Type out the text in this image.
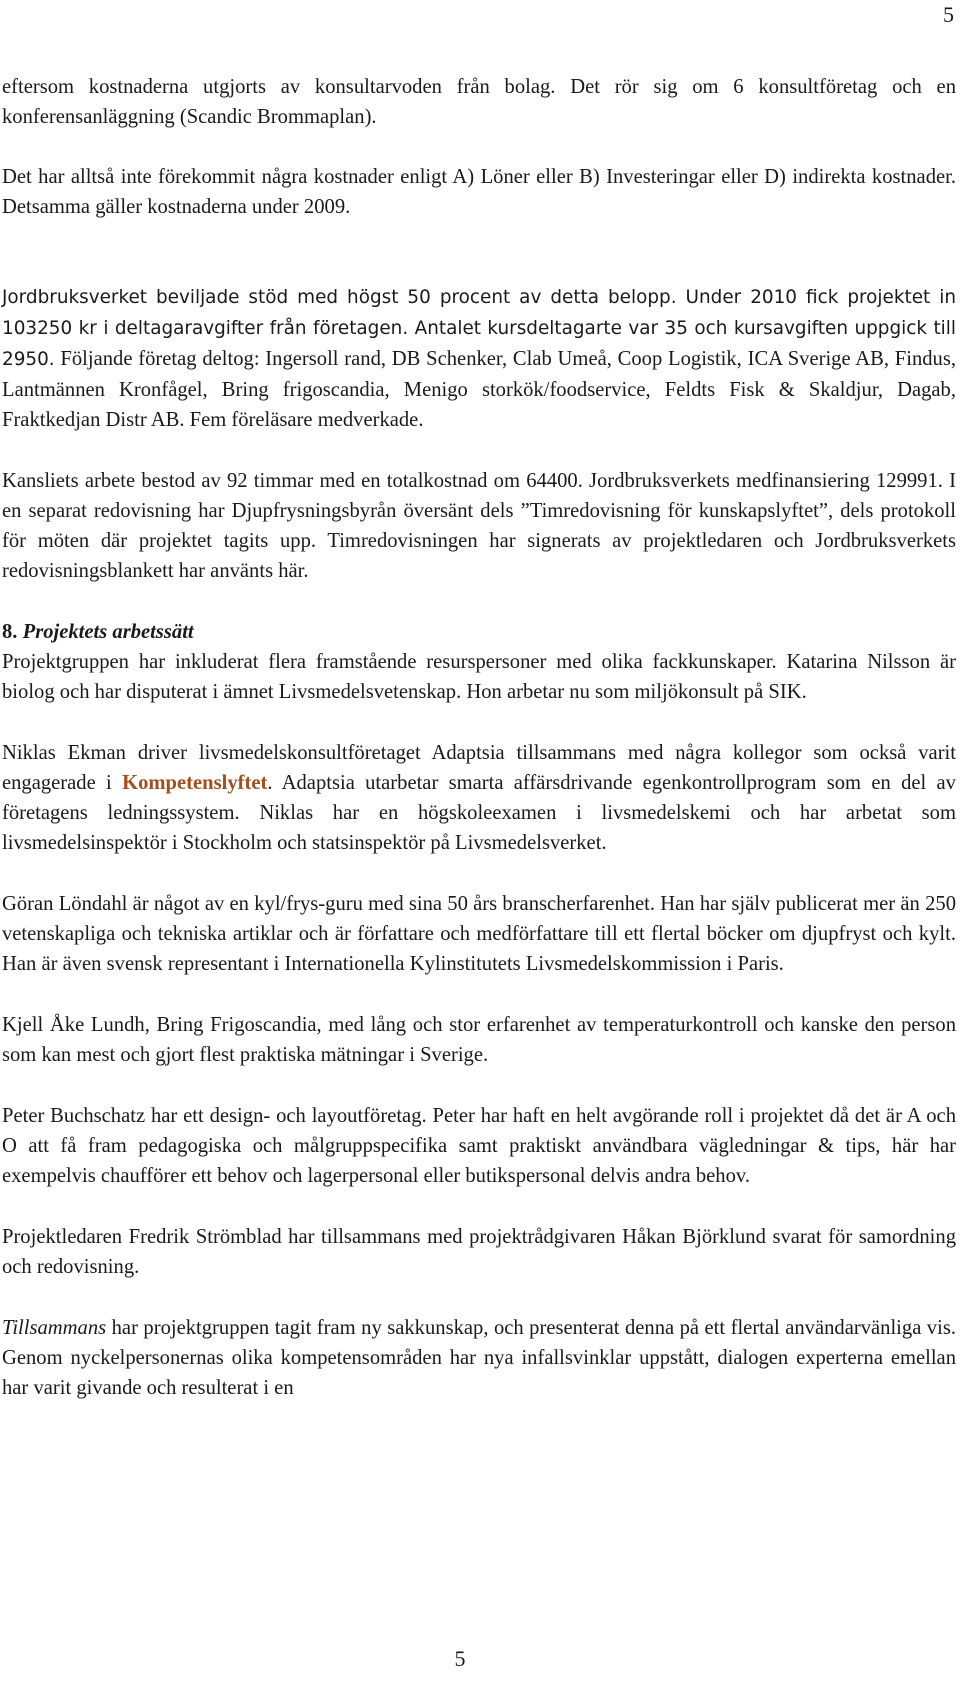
5

eftersom kostnaderna utgjorts av konsultarvoden från bolag. Det rör sig om 6 konsultföretag och en konferensanläggning (Scandic Brommaplan).

Det har alltså inte förekommit några kostnader enligt A) Löner eller B) Investeringar eller D) indirekta kostnader. Detsamma gäller kostnaderna under 2009.

Jordbruksverket beviljade stöd med högst 50 procent av detta belopp. Under 2010 fick projektet in 103250 kr i deltagaravgifter från företagen. Antalet kursdeltagarte var 35 och kursavgiften uppgick till 2950. Följande företag deltog: Ingersoll rand, DB Schenker, Clab Umeå, Coop Logistik, ICA Sverige AB, Findus, Lantmännen Kronfågel, Bring frigoscandia, Menigo storkök/foodservice, Feldts Fisk & Skaldjur, Dagab, Fraktkedjan Distr AB. Fem föreläsare medverkade.

Kansliets arbete bestod av 92 timmar med en totalkostnad om 64400. Jordbruksverkets medfinansiering 129991. I en separat redovisning har Djupfrysningsbyrån översänt dels ”Timredovisning för kunskapslyftet”, dels protokoll för möten där projektet tagits upp. Timredovisningen har signerats av projektledaren och Jordbruksverkets redovisningsblankett har använts här.

8. Projektets arbetssätt

Projektgruppen har inkluderat flera framstående resurspersoner med olika fackkunskaper. Katarina Nilsson är biolog och har disputerat i ämnet Livsmedelsvetenskap. Hon arbetar nu som miljökonsult på SIK.

Niklas Ekman driver livsmedelskonsultföretaget Adaptsia tillsammans med några kollegor som också varit engagerade i Kompetenslyftet. Adaptsia utarbetar smarta affärsdrivande egenkontrollprogram som en del av företagens ledningssystem. Niklas har en högskoleexamen i livsmedelskemi och har arbetat som livsmedelsinspektör i Stockholm och statsinspektör på Livsmedelsverket.

Göran Löndahl är något av en kyl/frys-guru med sina 50 års branscherfarenhet. Han har själv publicerat mer än 250 vetenskapliga och tekniska artiklar och är författare och medförfattare till ett flertal böcker om djupfryst och kylt. Han är även svensk representant i Internationella Kylinstitutets Livsmedelskommission i Paris.

Kjell Åke Lundh, Bring Frigoscandia, med lång och stor erfarenhet av temperaturkontroll och kanske den person som kan mest och gjort flest praktiska mätningar i Sverige.

Peter Buchschatz har ett design- och layoutföretag. Peter har haft en helt avgörande roll i projektet då det är A och O att få fram pedagogiska och målgruppspecifika samt praktiskt användbara vägledningar & tips, här har exempelvis chaufförer ett behov och lagerpersonal eller butikspersonal delvis andra behov.

Projektledaren Fredrik Strömblad har tillsammans med projektrådgivaren Håkan Björklund svarat för samordning och redovisning.

Tillsammans har projektgruppen tagit fram ny sakkunskap, och presenterat denna på ett flertal användarvänliga vis. Genom nyckelpersonernas olika kompetensområden har nya infallsvinklar uppstått, dialogen experterna emellan har varit givande och resulterat i en

5
